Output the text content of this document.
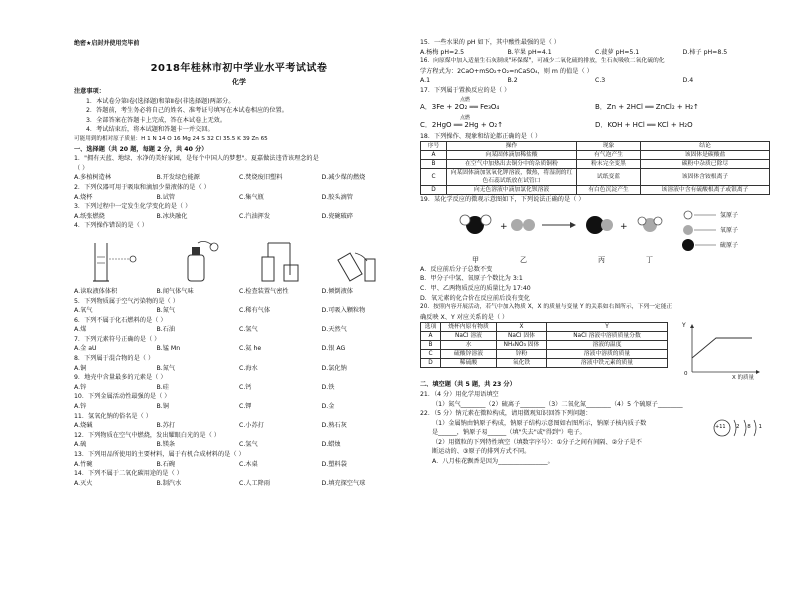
绝密★启封并使用完毕前
2018年桂林市初中学业水平考试试卷
化学
注意事项：
1．本试卷分第Ⅰ卷(选择题)和第Ⅱ卷(非选择题)两部分。
2．答题前，考生务必将自己的姓名、准考证号填写在本试卷相应的位置。
3．全部答案在答题卡上完成，答在本试卷上无效。
4．考试结束后，将本试题和答题卡一并交回。
可能用到的相对原子质量：H 1 N 14 O 16 Mg 24 S 32 Cl 35.5 K 39 Zn 65
一、选择题（共 20 题，每题 2 分，共 40 分）
1．"拥有天蓝、地绿、水净的美好家园，是每个中国人的梦想"。夏嘉做法违背该理念的是
（ ）
A.多植树造林	B.开发绿色能源	C.焚烧废旧塑料	D.减少煤的燃烧
2．下列仪器可用于吸取和滴加少量液体的是（ ）
A.烧杯	B.试管	C.集气瓶	D.胶头滴管
3．下列过程中一定发生化学变化的是（ ）
A.纸张燃烧	B.冰块融化	C.汽油挥发	D.瓷碗破碎
4．下列操作错误的是（ ）
A.读取液体体积	B.闻气体气味	C.检查装置气密性	D.倾倒液体
5．下列物质属于空气污染物的是（ ）
A.氧气	B.氮气	C.稀有气体	D.可吸入颗粒物
6．下列不属于化石燃料的是（ ）
A.煤	B.石油	C.氢气	D.天然气
7．下列元素符号正确的是（ ）
A.金 aU	B.锰 Mn	C.氦 he	D.银 AG
8．下列属于混合物的是（ ）
A.铜	B.氮气	C.海水	D.氯化钠
9．地壳中含量最多的元素是（ ）
A.锌	B.硅	C.钙	D.铁
10．下列金属活动性最强的是（ ）
A.锌	B.铜	C.钾	D.金
11．氢氧化钠的俗名是（ ）
A.烧碱	B.苏打	C.小苏打	D.熟石灰
12．下列物质在空气中燃烧，发出耀眼白光的是（ ）
A.硫	B.镁条	C.氢气	D.蜡烛
13．下列用品所使用的主要材料，属于有机合成材料的是（ ）
A.竹碗	B.石碗	C.木桌	D.塑料袋
14．下列不属于二氧化碳用途的是（ ）
A.灭火	B.制汽水	C.人工降雨	D.填充探空气球
15．一些水果的 pH 如下，其中酸性最强的是（ ）
A.杨梅 pH=2.5	B.苹果 pH=4.1	C.菠萝 pH=5.1	D.柿子 pH=8.5
16．向原煤中加入适量生石灰制成"环保煤"，可减少二氧化硫的排放，生石灰吸收二氧化硫的化
学方程式为：2CaO+mSO₂+O₂=nCaSO₄，则 m 的值是（ ）
A.1	B.2	C.3	D.4
17．下列属于置换反应的是（ ）
点燃
A．3Fe + 2O₂ ══ Fe₃O₄	B．Zn + 2HCl ══ ZnCl₂ + H₂↑
点燃
C．2HgO ══ 2Hg + O₂↑	D．KOH + HCl ══ KCl + H₂O
18．下列操作、现象和结论都正确的是（ ）
序号	操作	现象	结论
A	向某固体滴加稀盐酸	有气泡产生	该固体是碳酸盐
B	在空气中加热出去铜分中的杂质铜粉	粉末完全变黑	碳粉中杂质已除尽
C	向某固体滴加氢氧化钾溶液，微热，将湿润的红色石蕊试纸放在试管口	试纸变蓝	该固体含铵根离子
D	向无色溶液中滴加氯化钡溶液	有白色沉淀产生	该溶液中含有硫酸根离子或银离子
19．某化学反应的微观示意图如下，下列说法正确的是（ ）
+	+
氢原子
氧原子
硫原子
甲	乙	丙	丁
A．反应前后分子总数不变
B．甲分子中氢、氧原子个数比为 3:1
C．甲、乙两物质反应的质量比为 17:40
D．氧元素的化合价在反应前后没有变化
20．按照内容开展活动，若气中加入物质 X，X 的质量与变量 Y 的关系如右图所示，下列一定能正
确反映 X、Y 对应关系的是（ ）
选项	烧杯内原有物质	X	Y
A	NaCl 溶液	NaCl 固体	NaCl 溶液中溶质质量分数
B	水	NH₄NO₃ 固体	溶液的温度
C	硫酸锌溶液	锌粉	溶液中溶质的质量
D	稀硫酸	氧化铁	溶液中铁元素的质量
Y
0
X 的质量
二、填空题（共 5 题，共 23 分）
21．（4 分）用化学用语填空
（1）氮气________（2）硫离子________（3）二氧化氮________（4）5 个硫原子________
22．（5 分）钠元素在微粒构成，请用微观知识回答下列问题：
（1）金属钠由钠原子构成，钠原子结构示意图如右图所示，钠原子核内质子数
是______，钠原子易______（填"失去"或"得到"）电子。
（2）用微粒的下列特性填空（填数字序号）：①分子之间有间隔、②分子是不
断运动的、③原子的排列方式不同。
A．八月桂花飘香是因为________________。
+11 2 8 1
